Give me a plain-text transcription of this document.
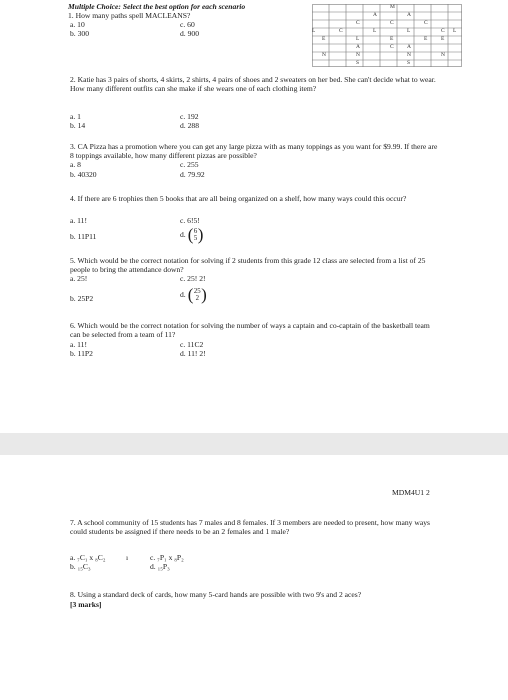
Multiple Choice: Select the best option for each scenario
1. How many paths spell MACLEANS?
a. 10
b. 300
c. 60
d. 900
M
A	A
C	C	C
L	C	L	L	C L
E	L	E	E E
A	A
N	N	N	N
S	S
C
2. Katie has 3 pairs of shorts, 4 skirts, 2 shirts, 4 pairs of shoes and 2 sweaters on her bed. She can't decide what to wear. How many different outfits can she make if she wears one of each clothing item?
a. 1
b. 14
c. 192
d. 288
3. CA Pizza has a promotion where you can get any large pizza with as many toppings as you want for $9.99. If there are 8 toppings available, how many different pizzas are possible?
a. 8
b. 40320
c. 255
d. 79.92
4. If there are 6 trophies then 5 books that are all being organized on a shelf, how many ways could this occur?
a. 11!
b. 11P11
c. 6!5!
d. ( 6
5 )
5. Which would be the correct notation for solving if 2 students from this grade 12 class are selected from a list of 25 people to bring the attendance down?
a. 25!
b. 25P2
c. 25! 2!
d. ( 25
2 )
6. Which would be the correct notation for solving the number of ways a captain and co-captain of the basketball team can be selected from a team of 11?
a. 11!
b. 11P2
c. 11C2
d. 11! 2!
MDM4U1 2
7. A school community of 15 students has 7 males and 8 females. If 3 members are needed to present, how many ways could students be assigned if there needs to be an 2 females and 1 male?
a. ₇C₁ x ₈C₂	ı
b. ₁₅C₃
c. ₇P₁ x ₈P₂
d. ₁₅P₃
8. Using a standard deck of cards, how many 5-card hands are possible with two 9's and 2 aces?
[3 marks]
